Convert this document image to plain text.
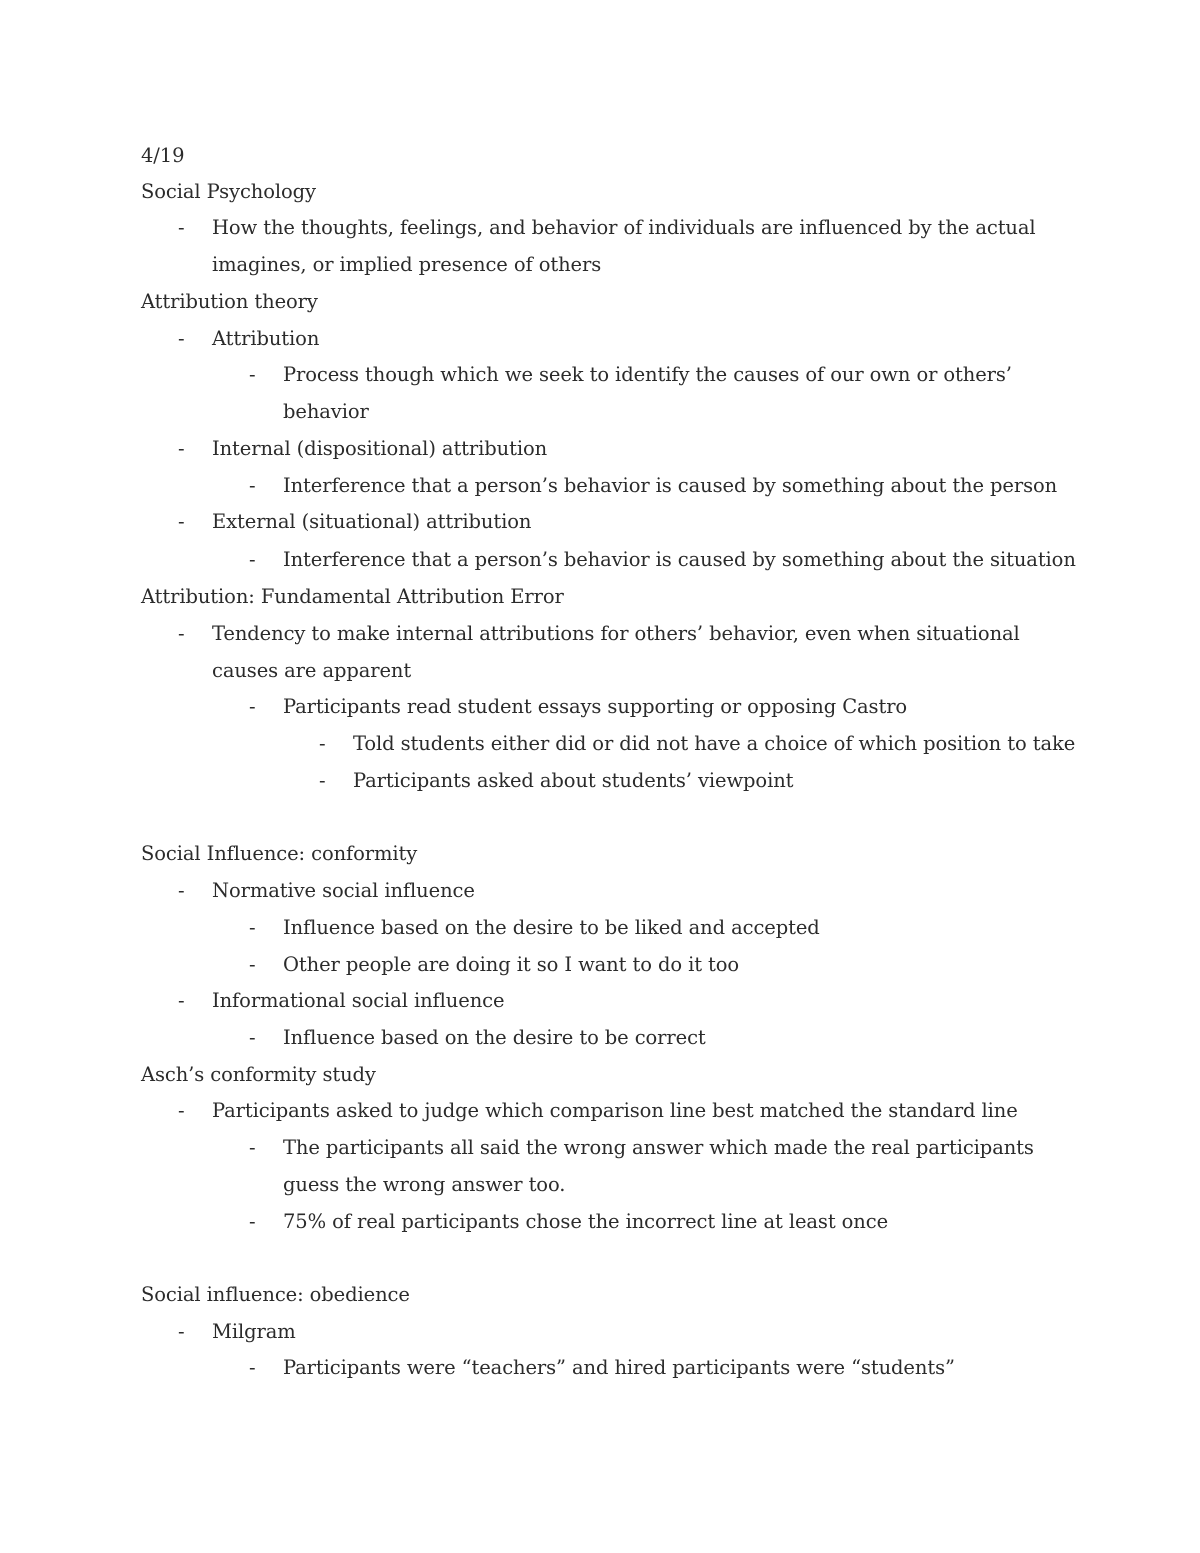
4/19
Social Psychology
- How the thoughts, feelings, and behavior of individuals are influenced by the actual
imagines, or implied presence of others
Attribution theory
- Attribution
- Process though which we seek to identify the causes of our own or others’
behavior
- Internal (dispositional) attribution
- Interference that a person’s behavior is caused by something about the person
- External (situational) attribution
- Interference that a person’s behavior is caused by something about the situation
Attribution: Fundamental Attribution Error
- Tendency to make internal attributions for others’ behavior, even when situational
causes are apparent
- Participants read student essays supporting or opposing Castro
- Told students either did or did not have a choice of which position to take
- Participants asked about students’ viewpoint
Social Influence: conformity
- Normative social influence
- Influence based on the desire to be liked and accepted
- Other people are doing it so I want to do it too
- Informational social influence
- Influence based on the desire to be correct
Asch’s conformity study
- Participants asked to judge which comparison line best matched the standard line
- The participants all said the wrong answer which made the real participants
guess the wrong answer too.
- 75% of real participants chose the incorrect line at least once
Social influence: obedience
- Milgram
- Participants were “teachers” and hired participants were “students”
